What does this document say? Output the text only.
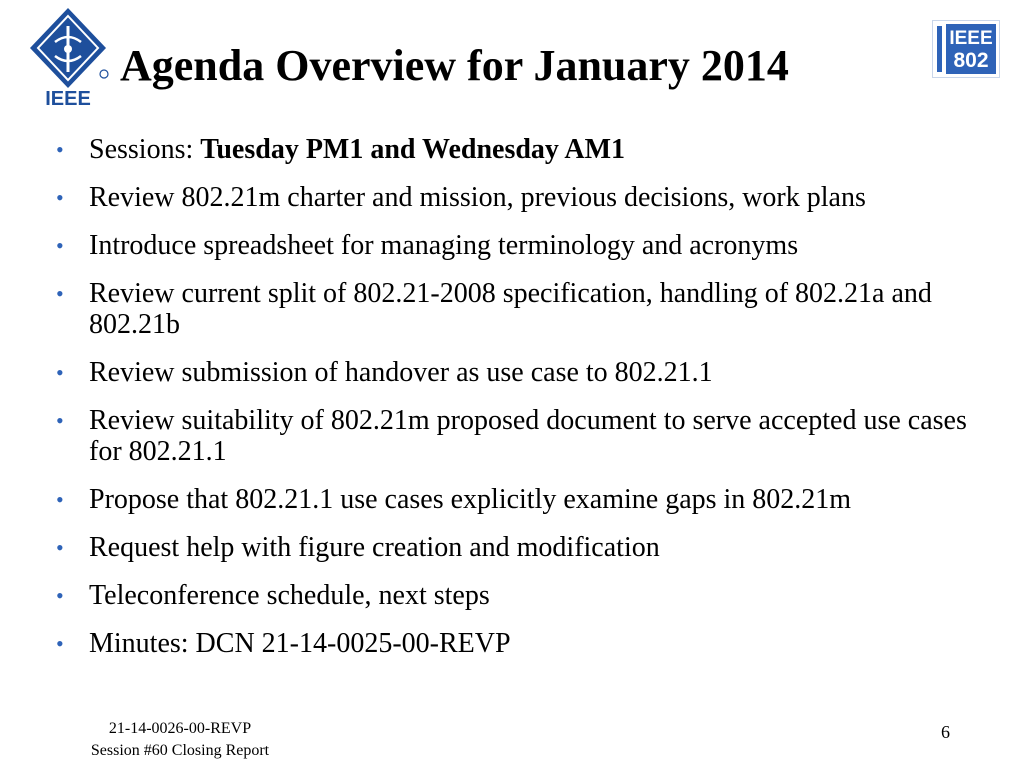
IEEE
IEEE
802
Agenda Overview for January 2014
• Sessions: Tuesday PM1 and Wednesday AM1
• Review 802.21m charter and mission, previous decisions, work plans
• Introduce spreadsheet for managing terminology and acronyms
• Review current split of 802.21-2008 specification, handling of 802.21a and 802.21b
• Review submission of handover as use case to 802.21.1
• Review suitability of 802.21m proposed document to serve accepted use cases for 802.21.1
• Propose that 802.21.1 use cases explicitly examine gaps in 802.21m
• Request help with figure creation and modification
• Teleconference schedule, next steps
• Minutes: DCN 21-14-0025-00-REVP
21-14-0026-00-REVP
Session #60 Closing Report
6
